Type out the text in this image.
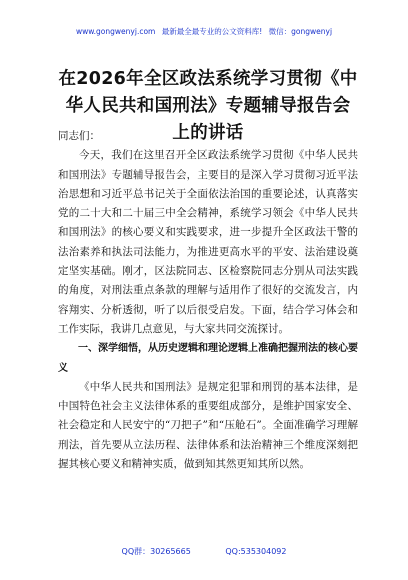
www.gongwenyj.com 最新最全最专业的公文资料库! 微信：gongwenyj
在2026年全区政法系统学习贯彻《中华人民共和国刑法》专题辅导报告会上的讲话

同志们：

今天，我们在这里召开全区政法系统学习贯彻《中华人民共和国刑法》专题辅导报告会，主要目的是深入学习贯彻习近平法治思想和习近平总书记关于全面依法治国的重要论述，认真落实党的二十大和二十届三中全会精神，系统学习领会《中华人民共和国刑法》的核心要义和实践要求，进一步提升全区政法干警的法治素养和执法司法能力，为推进更高水平的平安、法治建设奠定坚实基础。刚才，区法院同志、区检察院同志分别从司法实践的角度，对刑法重点条款的理解与适用作了很好的交流发言，内容翔实、分析透彻，听了以后很受启发。下面，结合学习体会和工作实际，我讲几点意见，与大家共同交流探讨。

一、深学细悟，从历史逻辑和理论逻辑上准确把握刑法的核心要义

《中华人民共和国刑法》是规定犯罪和刑罚的基本法律，是中国特色社会主义法律体系的重要组成部分，是维护国家安全、社会稳定和人民安宁的“刀把子”和“压舱石”。全面准确学习理解刑法，首先要从立法历程、法律体系和法治精神三个维度深刻把握其核心要义和精神实质，做到知其然更知其所以然。

QQ群：30265665	QQ:535304092
